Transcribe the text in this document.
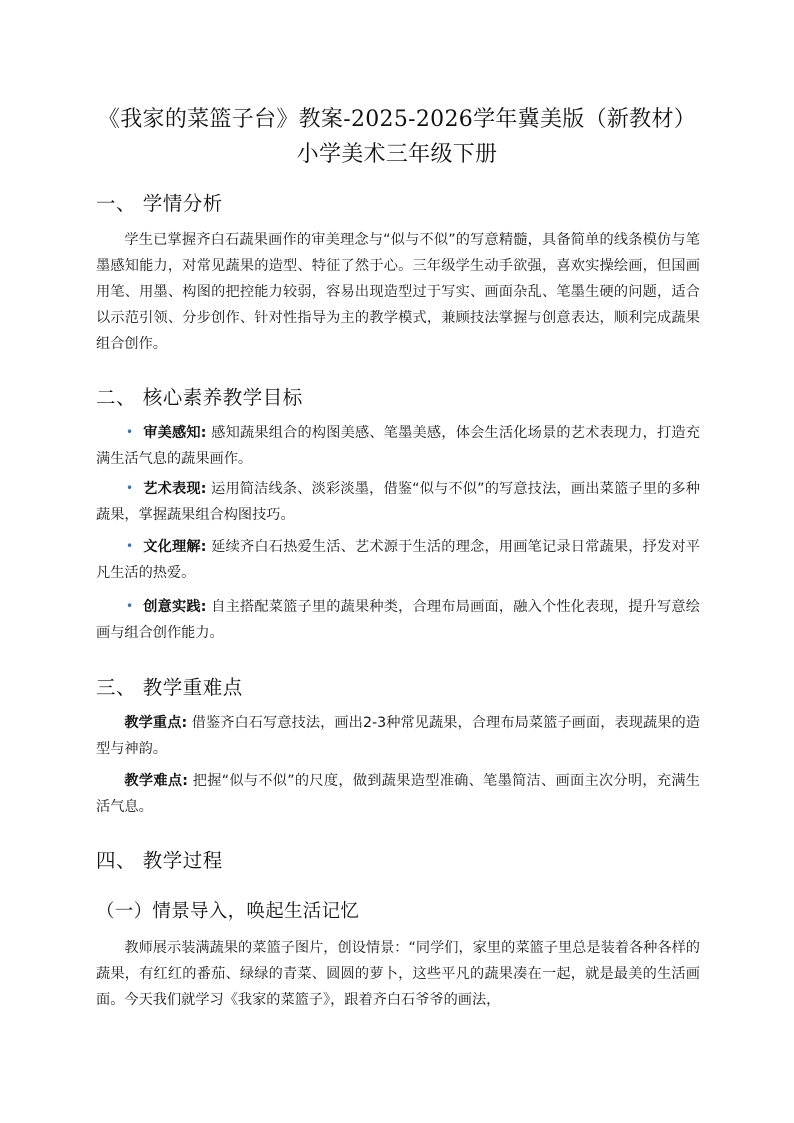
《我家的菜篮子台》教案-2025-2026学年冀美版（新教材）
小学美术三年级下册
一、 学情分析
学生已掌握齐白石蔬果画作的审美理念与“似与不似”的写意精髓，具备简单的线条模仿与笔墨感知能力，对常见蔬果的造型、特征了然于心。三年级学生动手欲强，喜欢实操绘画，但国画用笔、用墨、构图的把控能力较弱，容易出现造型过于写实、画面杂乱、笔墨生硬的问题，适合以示范引领、分步创作、针对性指导为主的教学模式，兼顾技法掌握与创意表达，顺利完成蔬果组合创作。
二、 核心素养教学目标
• 审美感知: 感知蔬果组合的构图美感、笔墨美感，体会生活化场景的艺术表现力，打造充满生活气息的蔬果画作。
• 艺术表现: 运用简洁线条、淡彩淡墨，借鉴“似与不似”的写意技法，画出菜篮子里的多种蔬果，掌握蔬果组合构图技巧。
• 文化理解: 延续齐白石热爱生活、艺术源于生活的理念，用画笔记录日常蔬果，抒发对平凡生活的热爱。
• 创意实践: 自主搭配菜篮子里的蔬果种类，合理布局画面，融入个性化表现，提升写意绘画与组合创作能力。
三、 教学重难点
教学重点: 借鉴齐白石写意技法，画出2-3种常见蔬果，合理布局菜篮子画面，表现蔬果的造型与神韵。
教学难点: 把握“似与不似”的尺度，做到蔬果造型准确、笔墨简洁、画面主次分明，充满生活气息。
四、 教学过程
（一）情景导入，唤起生活记忆
教师展示装满蔬果的菜篮子图片，创设情景：“同学们，家里的菜篮子里总是装着各种各样的蔬果，有红红的番茄、绿绿的青菜、圆圆的萝卜，这些平凡的蔬果凑在一起，就是最美的生活画面。今天我们就学习《我家的菜篮子》，跟着齐白石爷爷的画法，
